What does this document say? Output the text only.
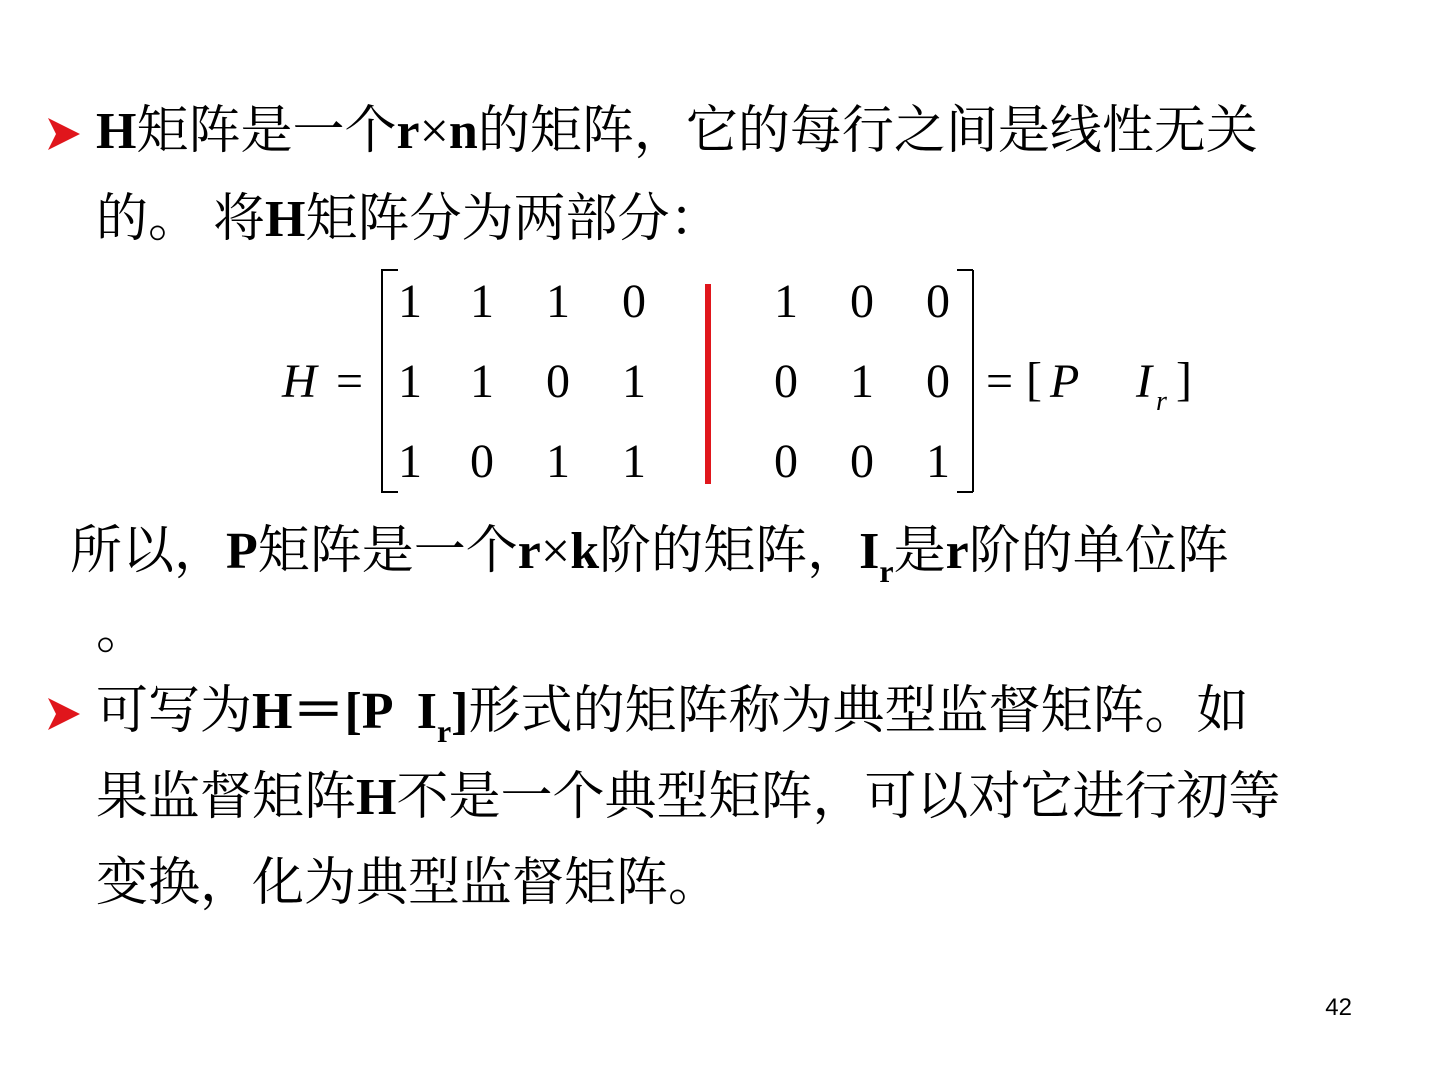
H矩阵是一个r×n的矩阵，它的每行之间是线性无关
的。 将H矩阵分为两部分：
H =
1 1 1 0
1 1 0 1
1 0 1 1
1 0 0
0 1 0
0 0 1
= [ P I r ]
所以，P矩阵是一个r×k阶的矩阵，$I_r$是r阶的单位阵
。
可写为H＝[P  $I_r$]形式的矩阵称为典型监督矩阵。如
果监督矩阵H不是一个典型矩阵，可以对它进行初等
变换，化为典型监督矩阵。
42
